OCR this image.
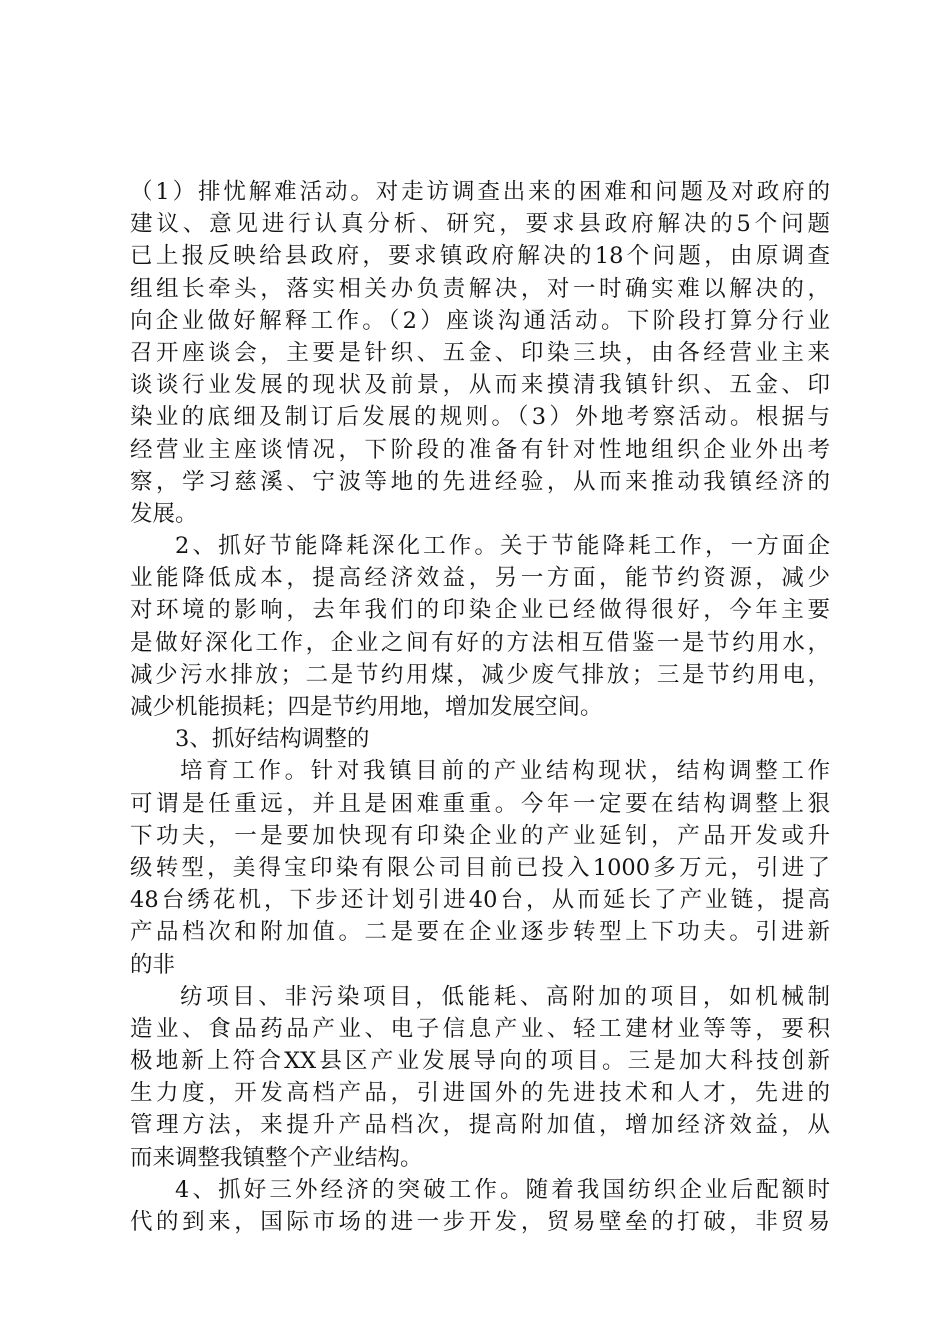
（1）排忧解难活动。对走访调查出来的困难和问题及对政府的
建议、意见进行认真分析、研究，要求县政府解决的5个问题
已上报反映给县政府，要求镇政府解决的18个问题，由原调查
组组长牵头，落实相关办负责解决，对一时确实难以解决的，
向企业做好解释工作。（2）座谈沟通活动。下阶段打算分行业
召开座谈会，主要是针织、五金、印染三块，由各经营业主来
谈谈行业发展的现状及前景，从而来摸清我镇针织、五金、印
染业的底细及制订后发展的规则。（3）外地考察活动。根据与
经营业主座谈情况，下阶段的准备有针对性地组织企业外出考
察，学习慈溪、宁波等地的先进经验，从而来推动我镇经济的
发展。
2、抓好节能降耗深化工作。关于节能降耗工作，一方面企
业能降低成本，提高经济效益，另一方面，能节约资源，减少
对环境的影响，去年我们的印染企业已经做得很好，今年主要
是做好深化工作，企业之间有好的方法相互借鉴一是节约用水，
减少污水排放；二是节约用煤，减少废气排放；三是节约用电，
减少机能损耗；四是节约用地，增加发展空间。
3、抓好结构调整的
培育工作。针对我镇目前的产业结构现状，结构调整工作
可谓是任重远，并且是困难重重。今年一定要在结构调整上狠
下功夫，一是要加快现有印染企业的产业延钊，产品开发或升
级转型，美得宝印染有限公司目前已投入1000多万元，引进了
48台绣花机，下步还计划引进40台，从而延长了产业链，提高
产品档次和附加值。二是要在企业逐步转型上下功夫。引进新
的非
纺项目、非污染项目，低能耗、高附加的项目，如机械制
造业、食品药品产业、电子信息产业、轻工建材业等等，要积
极地新上符合XX县区产业发展导向的项目。三是加大科技创新
生力度，开发高档产品，引进国外的先进技术和人才，先进的
管理方法，来提升产品档次，提高附加值，增加经济效益，从
而来调整我镇整个产业结构。
4、抓好三外经济的突破工作。随着我国纺织企业后配额时
代的到来，国际市场的进一步开发，贸易壁垒的打破，非贸易
